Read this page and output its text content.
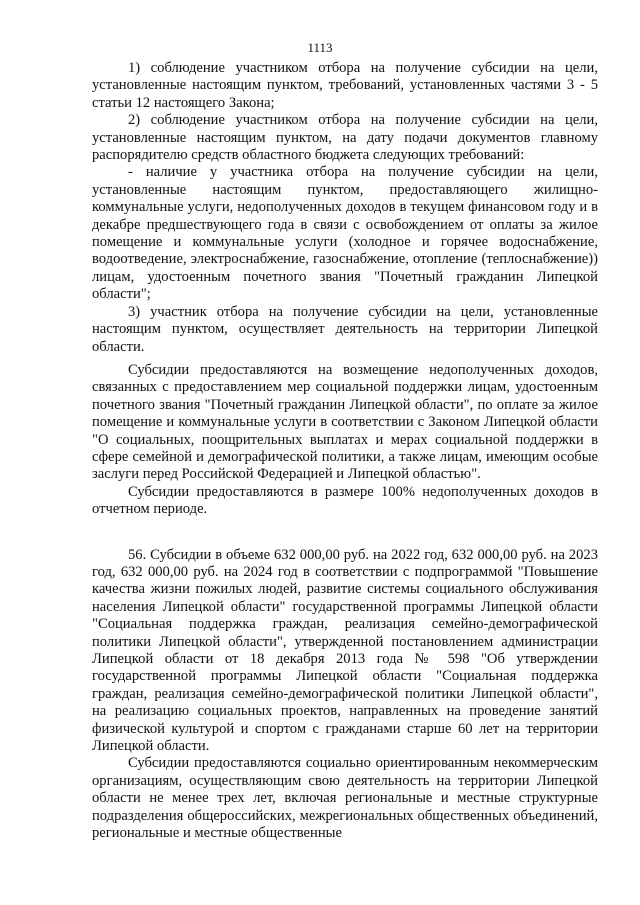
1113

1) соблюдение участником отбора на получение субсидии на цели, установленные настоящим пунктом, требований, установленных частями 3 - 5 статьи 12 настоящего Закона;

2) соблюдение участником отбора на получение субсидии на цели, установленные настоящим пунктом, на дату подачи документов главному распорядителю средств областного бюджета следующих требований:

- наличие у участника отбора на получение субсидии на цели, установленные настоящим пунктом, предоставляющего жилищно-коммунальные услуги, недополученных доходов в текущем финансовом году и в декабре предшествующего года в связи с освобождением от оплаты за жилое помещение и коммунальные услуги (холодное и горячее водоснабжение, водоотведение, электроснабжение, газоснабжение, отопление (теплоснабжение)) лицам, удостоенным почетного звания "Почетный гражданин Липецкой области";

3) участник отбора на получение субсидии на цели, установленные настоящим пунктом, осуществляет деятельность на территории Липецкой области.

Субсидии предоставляются на возмещение недополученных доходов, связанных с предоставлением мер социальной поддержки лицам, удостоенным почетного звания "Почетный гражданин Липецкой области", по оплате за жилое помещение и коммунальные услуги в соответствии с Законом Липецкой области "О социальных, поощрительных выплатах и мерах социальной поддержки в сфере семейной и демографической политики, а также лицам, имеющим особые заслуги перед Российской Федерацией и Липецкой областью".

Субсидии предоставляются в размере 100% недополученных доходов в отчетном периоде.

56. Субсидии в объеме 632 000,00 руб. на 2022 год, 632 000,00 руб. на 2023 год, 632 000,00 руб. на 2024 год в соответствии с подпрограммой "Повышение качества жизни пожилых людей, развитие системы социального обслуживания населения Липецкой области" государственной программы Липецкой области "Социальная поддержка граждан, реализация семейно-демографической политики Липецкой области", утвержденной постановлением администрации Липецкой области от 18 декабря 2013 года № 598 "Об утверждении государственной программы Липецкой области "Социальная поддержка граждан, реализация семейно-демографической политики Липецкой области", на реализацию социальных проектов, направленных на проведение занятий физической культурой и спортом с гражданами старше 60 лет на территории Липецкой области.

Субсидии предоставляются социально ориентированным некоммерческим организациям, осуществляющим свою деятельность на территории Липецкой области не менее трех лет, включая региональные и местные структурные подразделения общероссийских, межрегиональных общественных объединений, региональные и местные общественные
